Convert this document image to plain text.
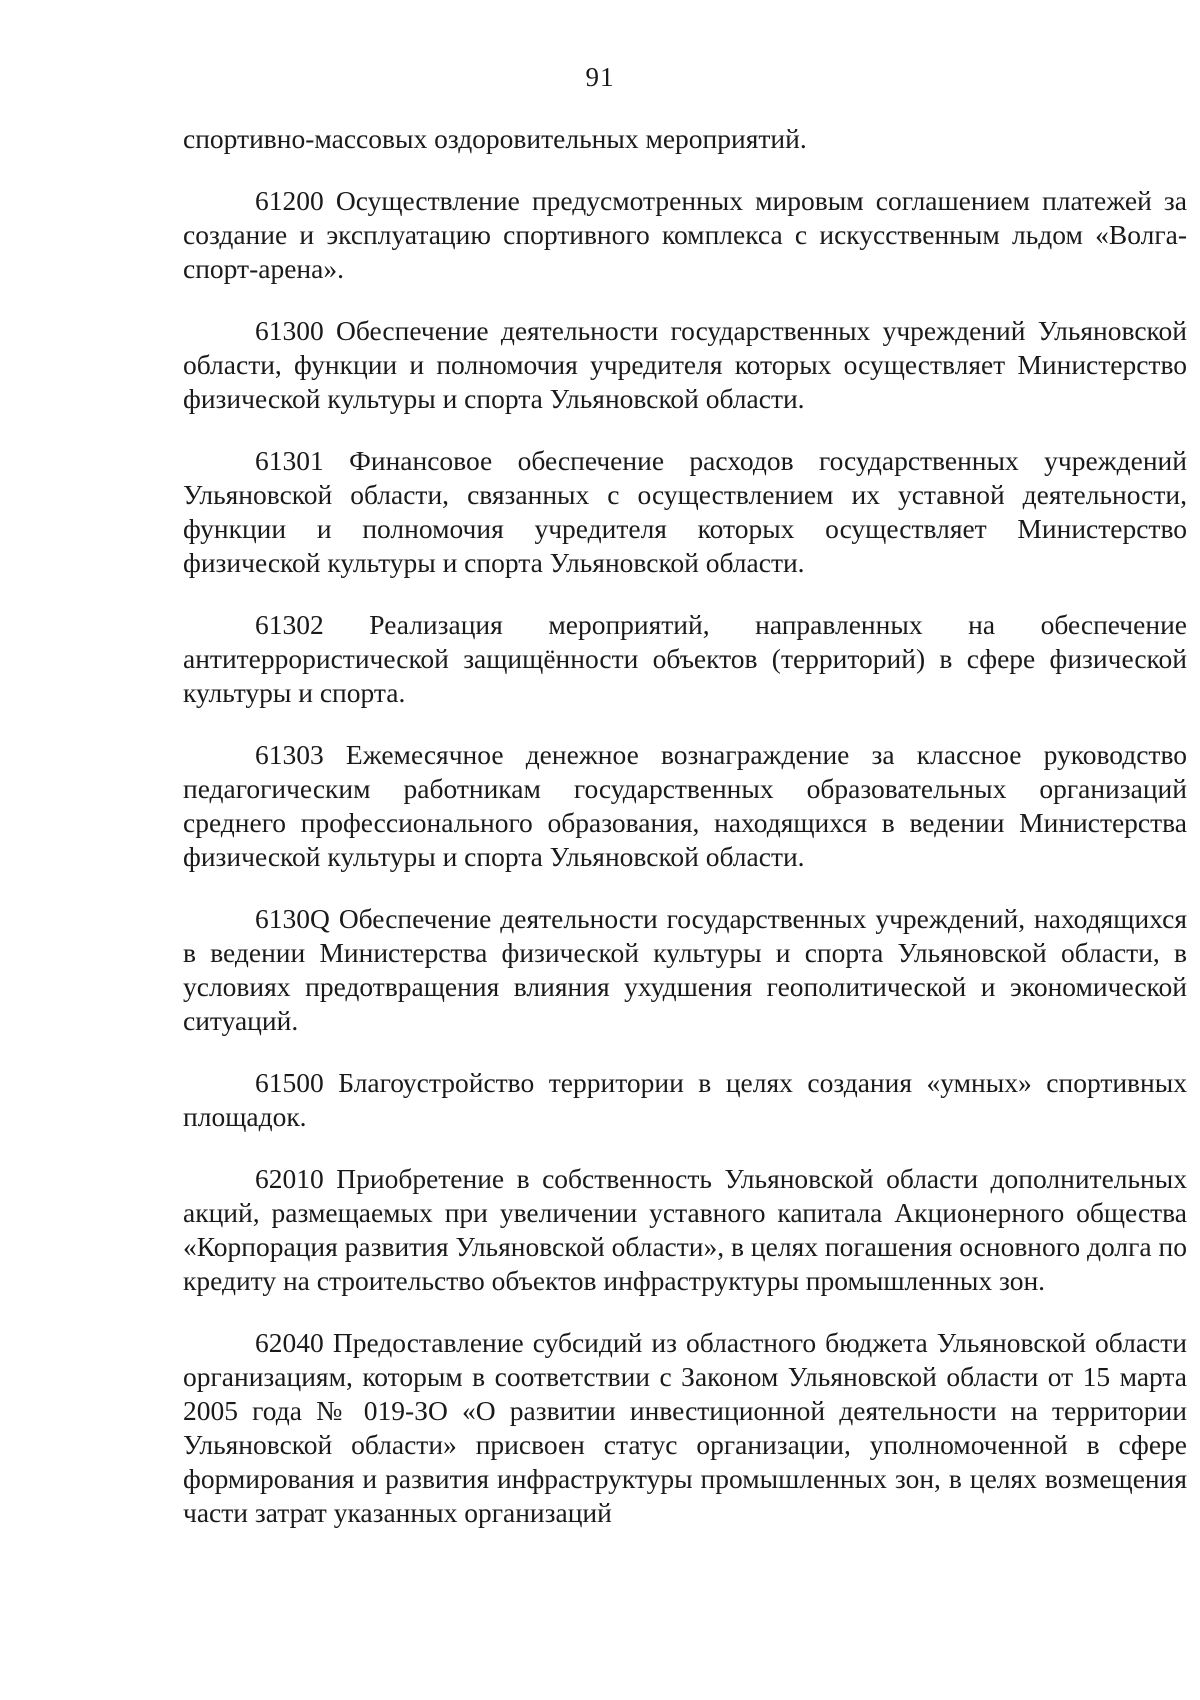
91

спортивно-массовых оздоровительных мероприятий.

61200 Осуществление предусмотренных мировым соглашением платежей за создание и эксплуатацию спортивного комплекса с искусственным льдом «Волга-спорт-арена».

61300 Обеспечение деятельности государственных учреждений Ульяновской области, функции и полномочия учредителя которых осуществляет Министерство физической культуры и спорта Ульяновской области.

61301 Финансовое обеспечение расходов государственных учреждений Ульяновской области, связанных с осуществлением их уставной деятельности, функции и полномочия учредителя которых осуществляет Министерство физической культуры и спорта Ульяновской области.

61302 Реализация мероприятий, направленных на обеспечение антитеррористической защищённости объектов (территорий) в сфере физической культуры и спорта.

61303 Ежемесячное денежное вознаграждение за классное руководство педагогическим работникам государственных образовательных организаций среднего профессионального образования, находящихся в ведении Министерства физической культуры и спорта Ульяновской области.

6130Q Обеспечение деятельности государственных учреждений, находящихся в ведении Министерства физической культуры и спорта Ульяновской области, в условиях предотвращения влияния ухудшения геополитической и экономической ситуаций.

61500 Благоустройство территории в целях создания «умных» спортивных площадок.

62010 Приобретение в собственность Ульяновской области дополнительных акций, размещаемых при увеличении уставного капитала Акционерного общества «Корпорация развития Ульяновской области», в целях погашения основного долга по кредиту на строительство объектов инфраструктуры промышленных зон.

62040 Предоставление субсидий из областного бюджета Ульяновской области организациям, которым в соответствии с Законом Ульяновской области от 15 марта 2005 года № 019-ЗО «О развитии инвестиционной деятельности на территории Ульяновской области» присвоен статус организации, уполномоченной в сфере формирования и развития инфраструктуры промышленных зон, в целях возмещения части затрат указанных организаций
